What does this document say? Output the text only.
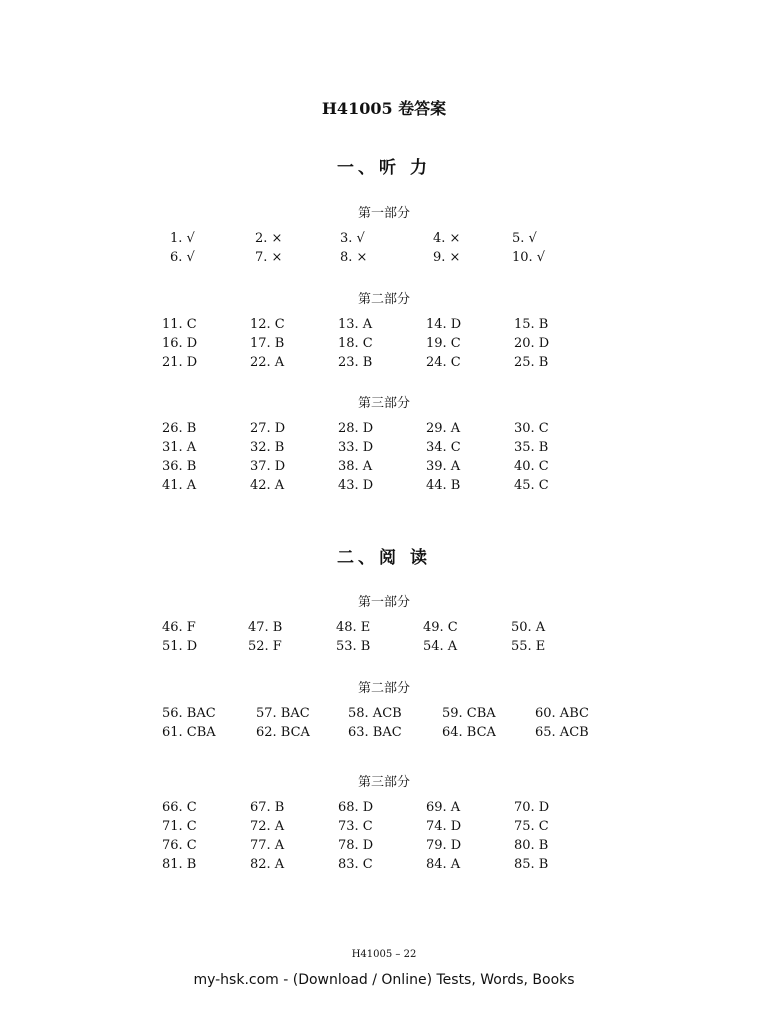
H41005 卷答案
一、听 力
第一部分
1. √	2. ×	3. √	4. ×	5. √
6. √	7. ×	8. ×	9. ×	10. √
第二部分
11. C	12. C	13. A	14. D	15. B
16. D	17. B	18. C	19. C	20. D
21. D	22. A	23. B	24. C	25. B
第三部分
26. B	27. D	28. D	29. A	30. C
31. A	32. B	33. D	34. C	35. B
36. B	37. D	38. A	39. A	40. C
41. A	42. A	43. D	44. B	45. C
二、阅 读
第一部分
46. F	47. B	48. E	49. C	50. A
51. D	52. F	53. B	54. A	55. E
第二部分
56. BAC	57. BAC	58. ACB	59. CBA	60. ABC
61. CBA	62. BCA	63. BAC	64. BCA	65. ACB
第三部分
66. C	67. B	68. D	69. A	70. D
71. C	72. A	73. C	74. D	75. C
76. C	77. A	78. D	79. D	80. B
81. B	82. A	83. C	84. A	85. B
H41005 – 22
my-hsk.com - (Download / Online) Tests, Words, Books
